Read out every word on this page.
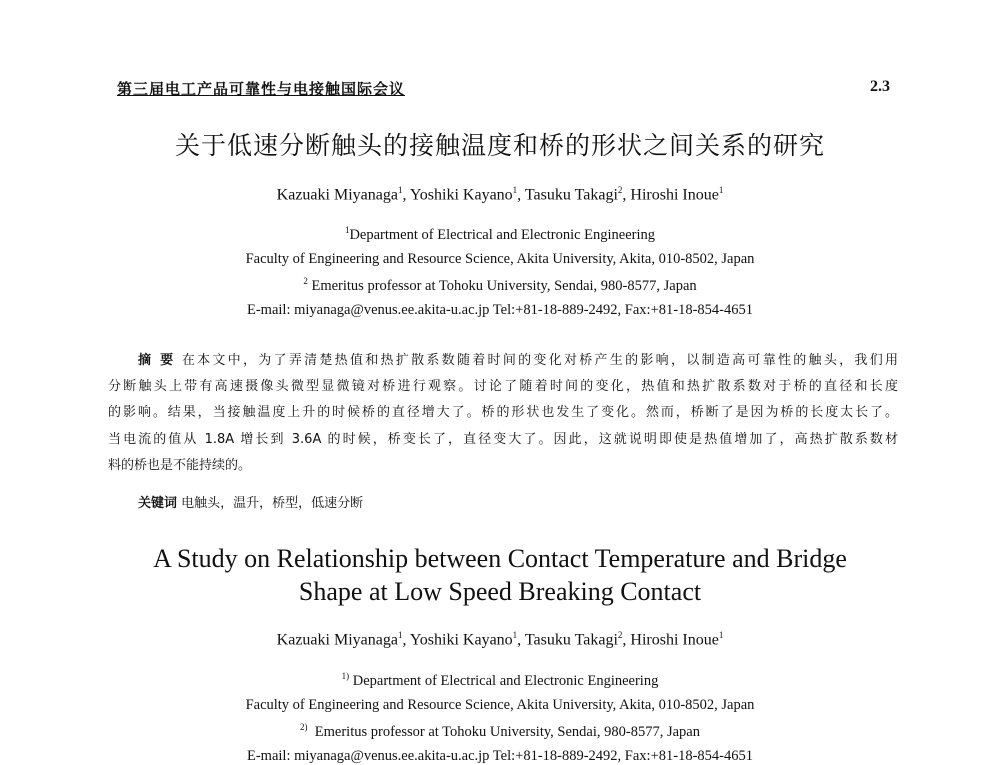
第三届电工产品可靠性与电接触国际会议	2.3
关于低速分断触头的接触温度和桥的形状之间关系的研究
Kazuaki Miyanaga$^1$, Yoshiki Kayano$^1$, Tasuku Takagi$^2$, Hiroshi Inoue$^1$
$^1$Department of Electrical and Electronic Engineering
Faculty of Engineering and Resource Science, Akita University, Akita, 010-8502, Japan
$^2$ Emeritus professor at Tohoku University, Sendai, 980-8577, Japan
E-mail: miyanaga@venus.ee.akita-u.ac.jp Tel:+81-18-889-2492, Fax:+81-18-854-4651
摘 要 在本文中，为了弄清楚热值和热扩散系数随着时间的变化对桥产生的影响，以制造高可靠性的触头，我们用
分断触头上带有高速摄像头微型显微镜对桥进行观察。讨论了随着时间的变化，热值和热扩散系数对于桥的直径和长度
的影响。结果，当接触温度上升的时候桥的直径增大了。桥的形状也发生了变化。然而，桥断了是因为桥的长度太长了。
当电流的值从 1.8A 增长到 3.6A 的时候，桥变长了，直径变大了。因此，这就说明即使是热值增加了，高热扩散系数材
料的桥也是不能持续的。
关键词 电触头，温升，桥型，低速分断
A Study on Relationship between Contact Temperature and Bridge
Shape at Low Speed Breaking Contact
Kazuaki Miyanaga$^1$, Yoshiki Kayano$^1$, Tasuku Takagi$^2$, Hiroshi Inoue$^1$
$^{1)}$ Department of Electrical and Electronic Engineering
Faculty of Engineering and Resource Science, Akita University, Akita, 010-8502, Japan
$^{2)}$ Emeritus professor at Tohoku University, Sendai, 980-8577, Japan
E-mail: miyanaga@venus.ee.akita-u.ac.jp Tel:+81-18-889-2492, Fax:+81-18-854-4651
